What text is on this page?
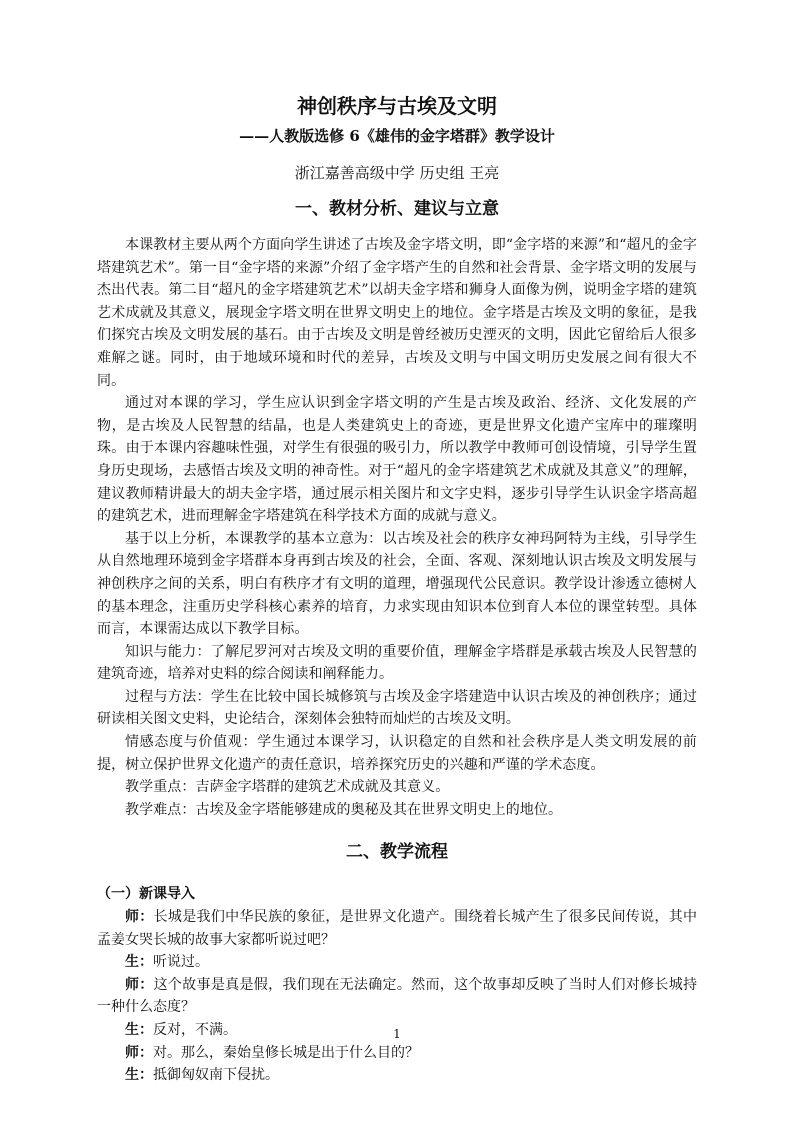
神创秩序与古埃及文明
——人教版选修 6《雄伟的金字塔群》教学设计
浙江嘉善高级中学 历史组 王亮
一、教材分析、建议与立意

本课教材主要从两个方面向学生讲述了古埃及金字塔文明，即“金字塔的来源”和“超凡的金字塔建筑艺术”。第一目“金字塔的来源”介绍了金字塔产生的自然和社会背景、金字塔文明的发展与杰出代表。第二目“超凡的金字塔建筑艺术”以胡夫金字塔和狮身人面像为例，说明金字塔的建筑艺术成就及其意义，展现金字塔文明在世界文明史上的地位。金字塔是古埃及文明的象征，是我们探究古埃及文明发展的基石。由于古埃及文明是曾经被历史湮灭的文明，因此它留给后人很多难解之谜。同时，由于地域环境和时代的差异，古埃及文明与中国文明历史发展之间有很大不同。

通过对本课的学习，学生应认识到金字塔文明的产生是古埃及政治、经济、文化发展的产物，是古埃及人民智慧的结晶，也是人类建筑史上的奇迹，更是世界文化遗产宝库中的璀璨明珠。由于本课内容趣味性强，对学生有很强的吸引力，所以教学中教师可创设情境，引导学生置身历史现场，去感悟古埃及文明的神奇性。对于“超凡的金字塔建筑艺术成就及其意义”的理解，建议教师精讲最大的胡夫金字塔，通过展示相关图片和文字史料，逐步引导学生认识金字塔高超的建筑艺术，进而理解金字塔建筑在科学技术方面的成就与意义。

基于以上分析，本课教学的基本立意为：以古埃及社会的秩序女神玛阿特为主线，引导学生从自然地理环境到金字塔群本身再到古埃及的社会，全面、客观、深刻地认识古埃及文明发展与神创秩序之间的关系，明白有秩序才有文明的道理，增强现代公民意识。教学设计渗透立德树人的基本理念，注重历史学科核心素养的培育，力求实现由知识本位到育人本位的课堂转型。具体而言，本课需达成以下教学目标。

知识与能力：了解尼罗河对古埃及文明的重要价值，理解金字塔群是承载古埃及人民智慧的建筑奇迹，培养对史料的综合阅读和阐释能力。

过程与方法：学生在比较中国长城修筑与古埃及金字塔建造中认识古埃及的神创秩序；通过研读相关图文史料，史论结合，深刻体会独特而灿烂的古埃及文明。

情感态度与价值观：学生通过本课学习，认识稳定的自然和社会秩序是人类文明发展的前提，树立保护世界文化遗产的责任意识，培养探究历史的兴趣和严谨的学术态度。

教学重点：吉萨金字塔群的建筑艺术成就及其意义。

教学难点：古埃及金字塔能够建成的奥秘及其在世界文明史上的地位。

二、教学流程
（一）新课导入

师：长城是我们中华民族的象征，是世界文化遗产。围绕着长城产生了很多民间传说，其中孟姜女哭长城的故事大家都听说过吧？

生：听说过。

师：这个故事是真是假，我们现在无法确定。然而，这个故事却反映了当时人们对修长城持一种什么态度？

生：反对，不满。

师：对。那么，秦始皇修长城是出于什么目的？

生：抵御匈奴南下侵扰。

1
